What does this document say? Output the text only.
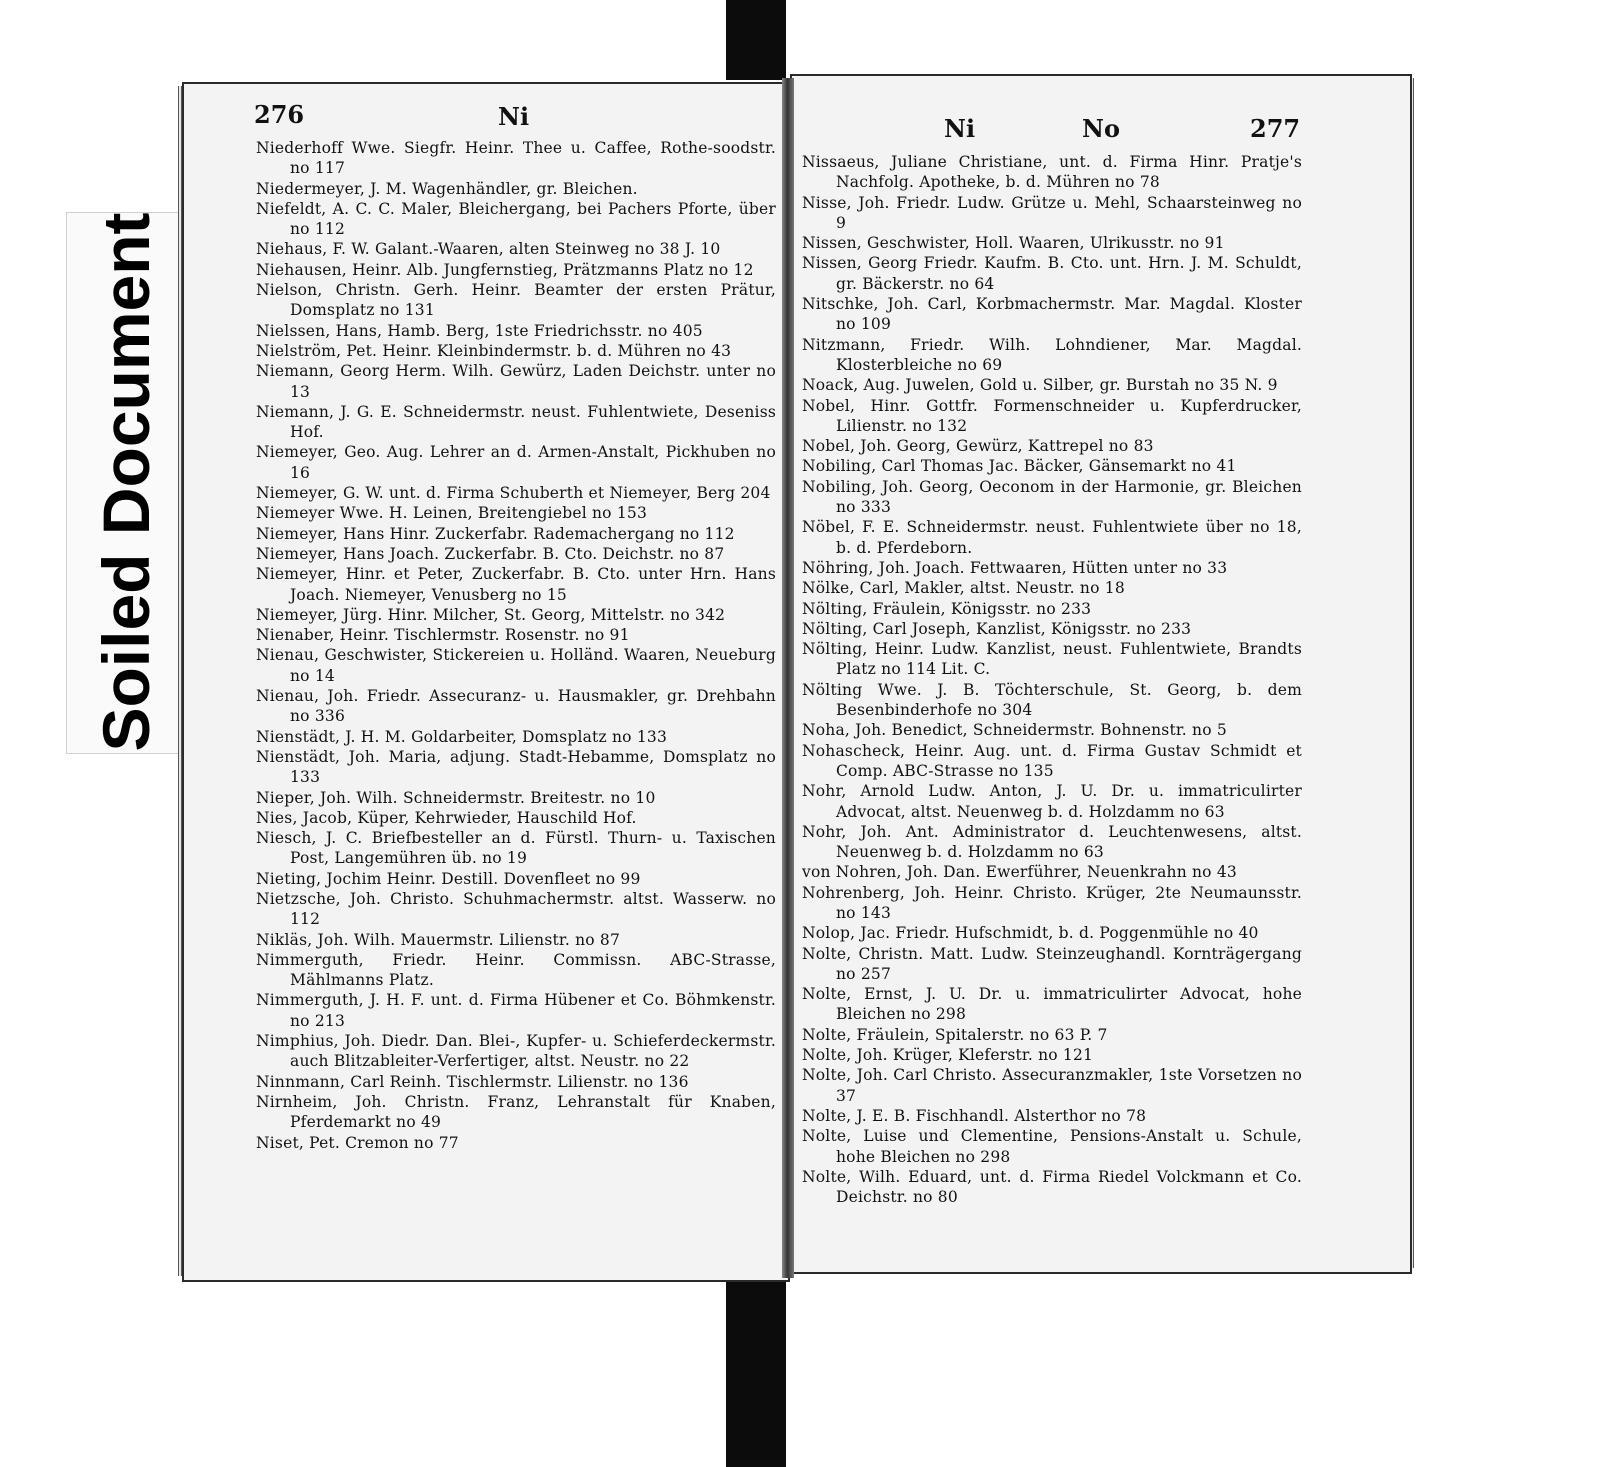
Soiled Document
276	Ni

Niederhoff Wwe. Siegfr. Heinr. Thee u. Caffee, Rothe-soodstr. no 117

Niedermeyer, J. M. Wagenhändler, gr. Bleichen.

Niefeldt, A. C. C. Maler, Bleichergang, bei Pachers Pforte, über no 112

Niehaus, F. W. Galant.-Waaren, alten Steinweg no 38 J. 10

Niehausen, Heinr. Alb. Jungfernstieg, Prätzmanns Platz no 12

Nielson, Christn. Gerh. Heinr. Beamter der ersten Prätur, Domsplatz no 131

Nielssen, Hans, Hamb. Berg, 1ste Friedrichsstr. no 405

Nielström, Pet. Heinr. Kleinbindermstr. b. d. Mühren no 43

Niemann, Georg Herm. Wilh. Gewürz, Laden Deichstr. unter no 13

Niemann, J. G. E. Schneidermstr. neust. Fuhlentwiete, Deseniss Hof.

Niemeyer, Geo. Aug. Lehrer an d. Armen-Anstalt, Pickhuben no 16

Niemeyer, G. W. unt. d. Firma Schuberth et Niemeyer, Berg 204

Niemeyer Wwe. H. Leinen, Breitengiebel no 153

Niemeyer, Hans Hinr. Zuckerfabr. Rademachergang no 112

Niemeyer, Hans Joach. Zuckerfabr. B. Cto. Deichstr. no 87

Niemeyer, Hinr. et Peter, Zuckerfabr. B. Cto. unter Hrn. Hans Joach. Niemeyer, Venusberg no 15

Niemeyer, Jürg. Hinr. Milcher, St. Georg, Mittelstr. no 342

Nienaber, Heinr. Tischlermstr. Rosenstr. no 91

Nienau, Geschwister, Stickereien u. Holländ. Waaren, Neueburg no 14

Nienau, Joh. Friedr. Assecuranz- u. Hausmakler, gr. Drehbahn no 336

Nienstädt, J. H. M. Goldarbeiter, Domsplatz no 133

Nienstädt, Joh. Maria, adjung. Stadt-Hebamme, Domsplatz no 133

Nieper, Joh. Wilh. Schneidermstr. Breitestr. no 10

Nies, Jacob, Küper, Kehrwieder, Hauschild Hof.

Niesch, J. C. Briefbesteller an d. Fürstl. Thurn- u. Taxischen Post, Langemühren üb. no 19

Nieting, Jochim Heinr. Destill. Dovenfleet no 99

Nietzsche, Joh. Christo. Schuhmachermstr. altst. Wasserw. no 112

Nikläs, Joh. Wilh. Mauermstr. Lilienstr. no 87

Nimmerguth, Friedr. Heinr. Commissn. ABC-Strasse, Mählmanns Platz.

Nimmerguth, J. H. F. unt. d. Firma Hübener et Co. Böhmkenstr. no 213

Nimphius, Joh. Diedr. Dan. Blei-, Kupfer- u. Schieferdeckermstr. auch Blitzableiter-Verfertiger, altst. Neustr. no 22

Ninnmann, Carl Reinh. Tischlermstr. Lilienstr. no 136

Nirnheim, Joh. Christn. Franz, Lehranstalt für Knaben, Pferdemarkt no 49

Niset, Pet. Cremon no 77

Ni	No	277

Nissaeus, Juliane Christiane, unt. d. Firma Hinr. Pratje's Nachfolg. Apotheke, b. d. Mühren no 78

Nisse, Joh. Friedr. Ludw. Grütze u. Mehl, Schaarsteinweg no 9

Nissen, Geschwister, Holl. Waaren, Ulrikusstr. no 91

Nissen, Georg Friedr. Kaufm. B. Cto. unt. Hrn. J. M. Schuldt, gr. Bäckerstr. no 64

Nitschke, Joh. Carl, Korbmachermstr. Mar. Magdal. Kloster no 109

Nitzmann, Friedr. Wilh. Lohndiener, Mar. Magdal. Klosterbleiche no 69

Noack, Aug. Juwelen, Gold u. Silber, gr. Burstah no 35 N. 9

Nobel, Hinr. Gottfr. Formenschneider u. Kupferdrucker, Lilienstr. no 132

Nobel, Joh. Georg, Gewürz, Kattrepel no 83

Nobiling, Carl Thomas Jac. Bäcker, Gänsemarkt no 41

Nobiling, Joh. Georg, Oeconom in der Harmonie, gr. Bleichen no 333

Nöbel, F. E. Schneidermstr. neust. Fuhlentwiete über no 18, b. d. Pferdeborn.

Nöhring, Joh. Joach. Fettwaaren, Hütten unter no 33

Nölke, Carl, Makler, altst. Neustr. no 18

Nölting, Fräulein, Königsstr. no 233

Nölting, Carl Joseph, Kanzlist, Königsstr. no 233

Nölting, Heinr. Ludw. Kanzlist, neust. Fuhlentwiete, Brandts Platz no 114 Lit. C.

Nölting Wwe. J. B. Töchterschule, St. Georg, b. dem Besenbinderhofe no 304

Noha, Joh. Benedict, Schneidermstr. Bohnenstr. no 5

Nohascheck, Heinr. Aug. unt. d. Firma Gustav Schmidt et Comp. ABC-Strasse no 135

Nohr, Arnold Ludw. Anton, J. U. Dr. u. immatriculirter Advocat, altst. Neuenweg b. d. Holzdamm no 63

Nohr, Joh. Ant. Administrator d. Leuchtenwesens, altst. Neuenweg b. d. Holzdamm no 63

von Nohren, Joh. Dan. Ewerführer, Neuenkrahn no 43

Nohrenberg, Joh. Heinr. Christo. Krüger, 2te Neumaunsstr. no 143

Nolop, Jac. Friedr. Hufschmidt, b. d. Poggenmühle no 40

Nolte, Christn. Matt. Ludw. Steinzeughandl. Kornträgergang no 257

Nolte, Ernst, J. U. Dr. u. immatriculirter Advocat, hohe Bleichen no 298

Nolte, Fräulein, Spitalerstr. no 63 P. 7

Nolte, Joh. Krüger, Kleferstr. no 121

Nolte, Joh. Carl Christo. Assecuranzmakler, 1ste Vorsetzen no 37

Nolte, J. E. B. Fischhandl. Alsterthor no 78

Nolte, Luise und Clementine, Pensions-Anstalt u. Schule, hohe Bleichen no 298

Nolte, Wilh. Eduard, unt. d. Firma Riedel Volckmann et Co. Deichstr. no 80
